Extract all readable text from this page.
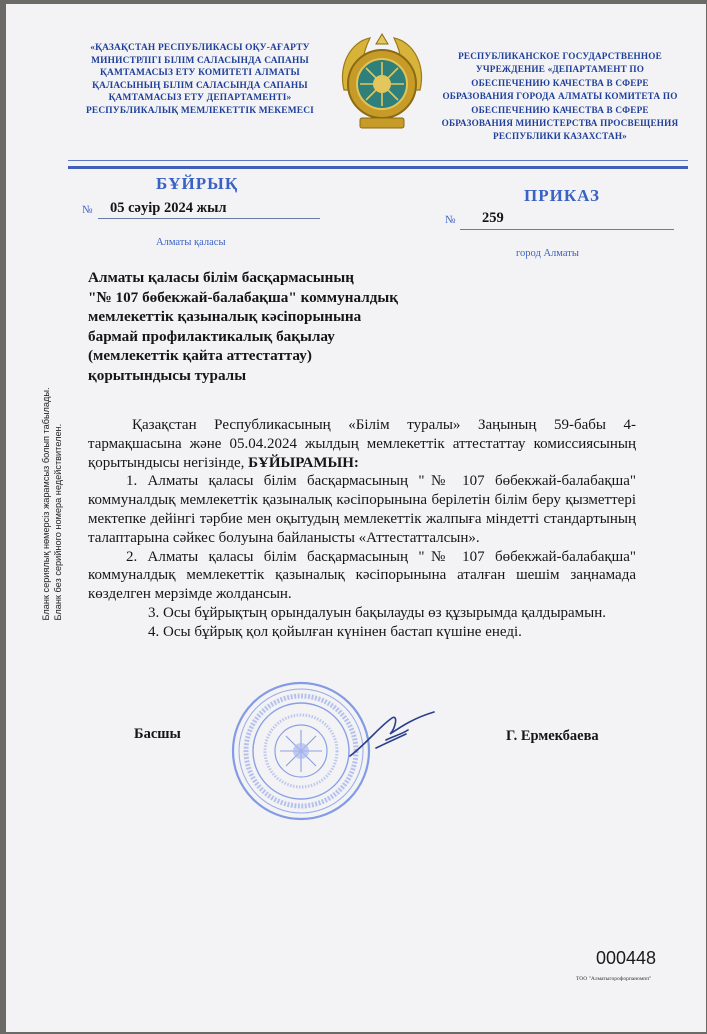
«ҚАЗАҚСТАН РЕСПУБЛИКАСЫ ОҚУ-АҒАРТУ
МИНИСТРЛІГІ БІЛІМ САЛАСЫНДА САПАНЫ
ҚАМТАМАСЫЗ ЕТУ КОМИТЕТІ АЛМАТЫ
ҚАЛАСЫНЫҢ БІЛІМ САЛАСЫНДА САПАНЫ
ҚАМТАМАСЫЗ ЕТУ ДЕПАРТАМЕНТІ»
РЕСПУБЛИКАЛЫҚ МЕМЛЕКЕТТІК МЕКЕМЕСІ
РЕСПУБЛИКАНСКОЕ ГОСУДАРСТВЕННОЕ
УЧРЕЖДЕНИЕ «ДЕПАРТАМЕНТ ПО
ОБЕСПЕЧЕНИЮ КАЧЕСТВА В СФЕРЕ
ОБРАЗОВАНИЯ ГОРОДА АЛМАТЫ КОМИТЕТА ПО
ОБЕСПЕЧЕНИЮ КАЧЕСТВА В СФЕРЕ
ОБРАЗОВАНИЯ МИНИСТЕРСТВА ПРОСВЕЩЕНИЯ
РЕСПУБЛИКИ КАЗАХСТАН»
БҰЙРЫҚ
ПРИКАЗ
№ 05 сәуір 2024 жыл
№ 259
Алматы қаласы
город Алматы
Алматы қаласы білім басқармасының
"№ 107 бөбекжай-балабақша" коммуналдық
мемлекеттік қазыналық кәсіпорынына
бармай профилактикалық бақылау
(мемлекеттік қайта аттестаттау)
қорытындысы туралы

Қазақстан Республикасының «Білім туралы» Заңының 59-бабы 4-тармақшасына және 05.04.2024 жылдың мемлекеттік аттестаттау комиссиясының қорытындысы негізінде, БҰЙЫРАМЫН:

1. Алматы қаласы білім басқармасының "№ 107 бөбекжай-балабақша" коммуналдық мемлекеттік қазыналық кәсіпорынына берілетін білім беру қызметтері мектепке дейінгі тәрбие мен оқытудың мемлекеттік жалпыға міндетті стандартының талаптарына сәйкес болуына байланысты «Аттестатталсын».

2. Алматы қаласы білім басқармасының "№ 107 бөбекжай-балабақша" коммуналдық мемлекеттік қазыналық кәсіпорынына аталған шешім заңнамада көзделген мерзімде жолдансын.

3. Осы бұйрықтың орындалуын бақылауды өз құзырымда қалдырамын.

4. Осы бұйрық қол қойылған күнінен бастап күшіне енеді.

Бланк сериялық нөмерсіз жарамсыз болып табылады. Бланк без серийного номера недействителен.
Басшы	Г. Ермекбаева
000448
ТОО "Алматыгорофорпаномпп"
